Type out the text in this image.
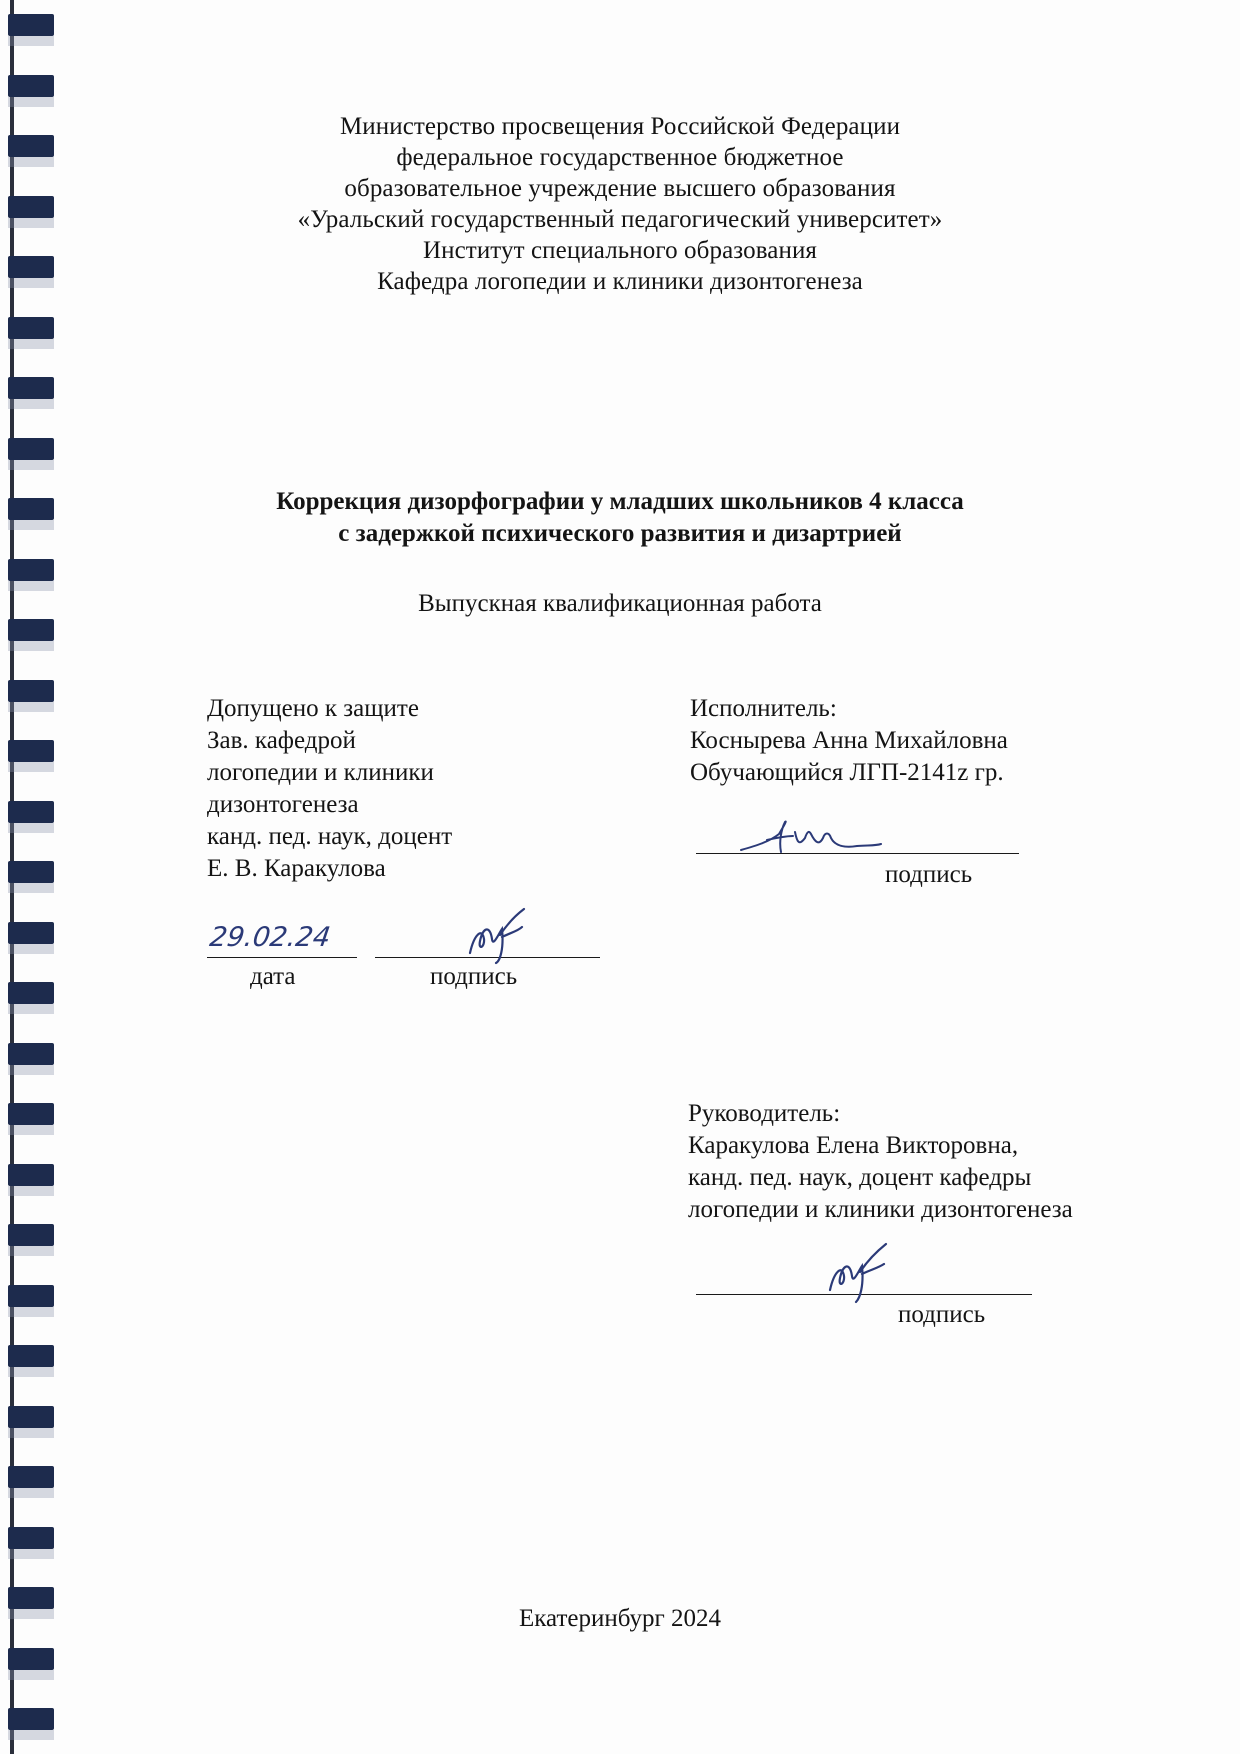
Министерство просвещения Российской Федерации
федеральное государственное бюджетное
образовательное учреждение высшего образования
«Уральский государственный педагогический университет»
Институт специального образования
Кафедра логопедии и клиники дизонтогенеза
Коррекция дизорфографии у младших школьников 4 класса
с задержкой психического развития и дизартрией
Выпускная квалификационная работа
Допущено к защите
Зав. кафедрой
логопедии и клиники
дизонтогенеза
канд. пед. наук, доцент
Е. В. Каракулова
29.02.24
дата	подпись
Исполнитель:
Коснырева Анна Михайловна
Обучающийся ЛГП-2141z гр.
подпись
Руководитель:
Каракулова Елена Викторовна,
канд. пед. наук, доцент кафедры
логопедии и клиники дизонтогенеза
подпись
Екатеринбург 2024
